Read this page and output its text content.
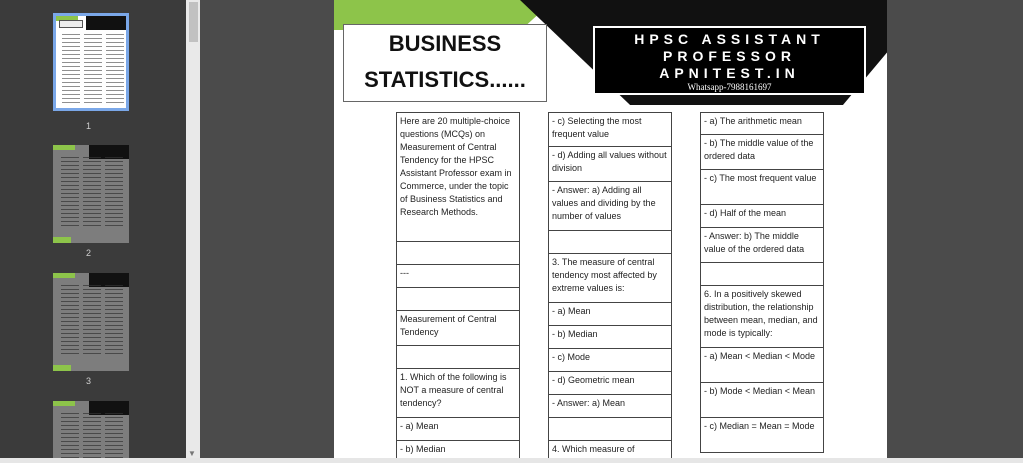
1
2
3
▼
BUSINESS
STATISTICS......
HPSC ASSISTANT
PROFESSOR
APNITEST.IN
Whatsapp-7988161697
Here are 20 multiple-choice questions (MCQs) on Measurement of Central Tendency for the HPSC Assistant Professor exam in Commerce, under the topic of Business Statistics and Research Methods.
---
Measurement of Central Tendency
1. Which of the following is NOT a measure of central tendency?
- a) Mean
- b) Median
- c) Selecting the most frequent value
- d) Adding all values without division
- Answer: a) Adding all values and dividing by the number of values
3. The measure of central tendency most affected by extreme values is:
- a) Mean
- b) Median
- c) Mode
- d) Geometric mean
- Answer: a) Mean
4. Which measure of
- a) The arithmetic mean
- b) The middle value of the ordered data
- c) The most frequent value
- d) Half of the mean
- Answer: b) The middle value of the ordered data
6. In a positively skewed distribution, the relationship between mean, median, and mode is typically:
- a) Mean < Median < Mode
- b) Mode < Median < Mean
- c) Median = Mean = Mode
